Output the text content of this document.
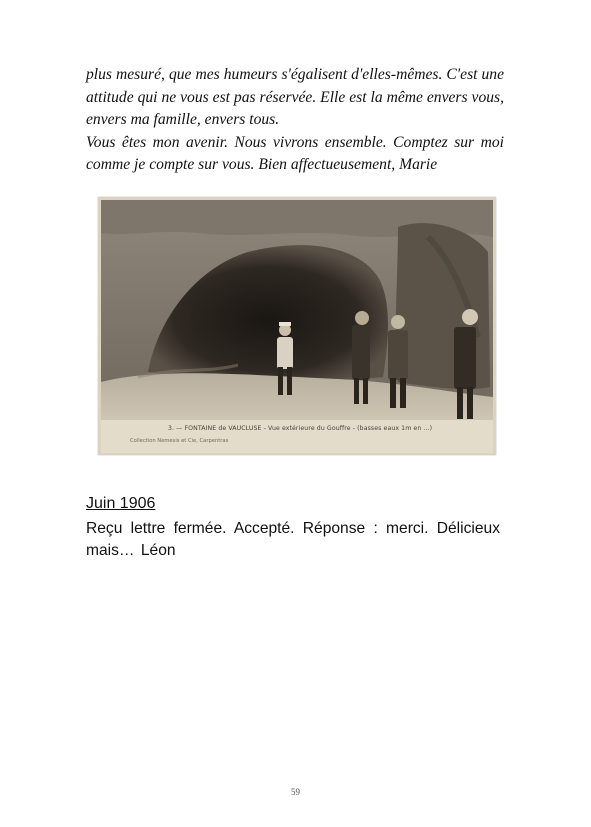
plus mesuré, que mes humeurs s'égalisent d'elles-mêmes. C'est une attitude qui ne vous est pas réservée. Elle est la même envers vous, envers ma famille, envers tous.

Vous êtes mon avenir. Nous vivrons ensemble. Comptez sur moi comme je compte sur vous. Bien affectueusement, Marie

3. — FONTAINE de VAUCLUSE - Vue extérieure du Gouffre - (basses eaux 1m en ...)
Collection Nemesis et Cie, Carpentras
Juin 1906

Reçu lettre fermée. Accepté. Réponse : merci. Délicieux mais… Léon

59
